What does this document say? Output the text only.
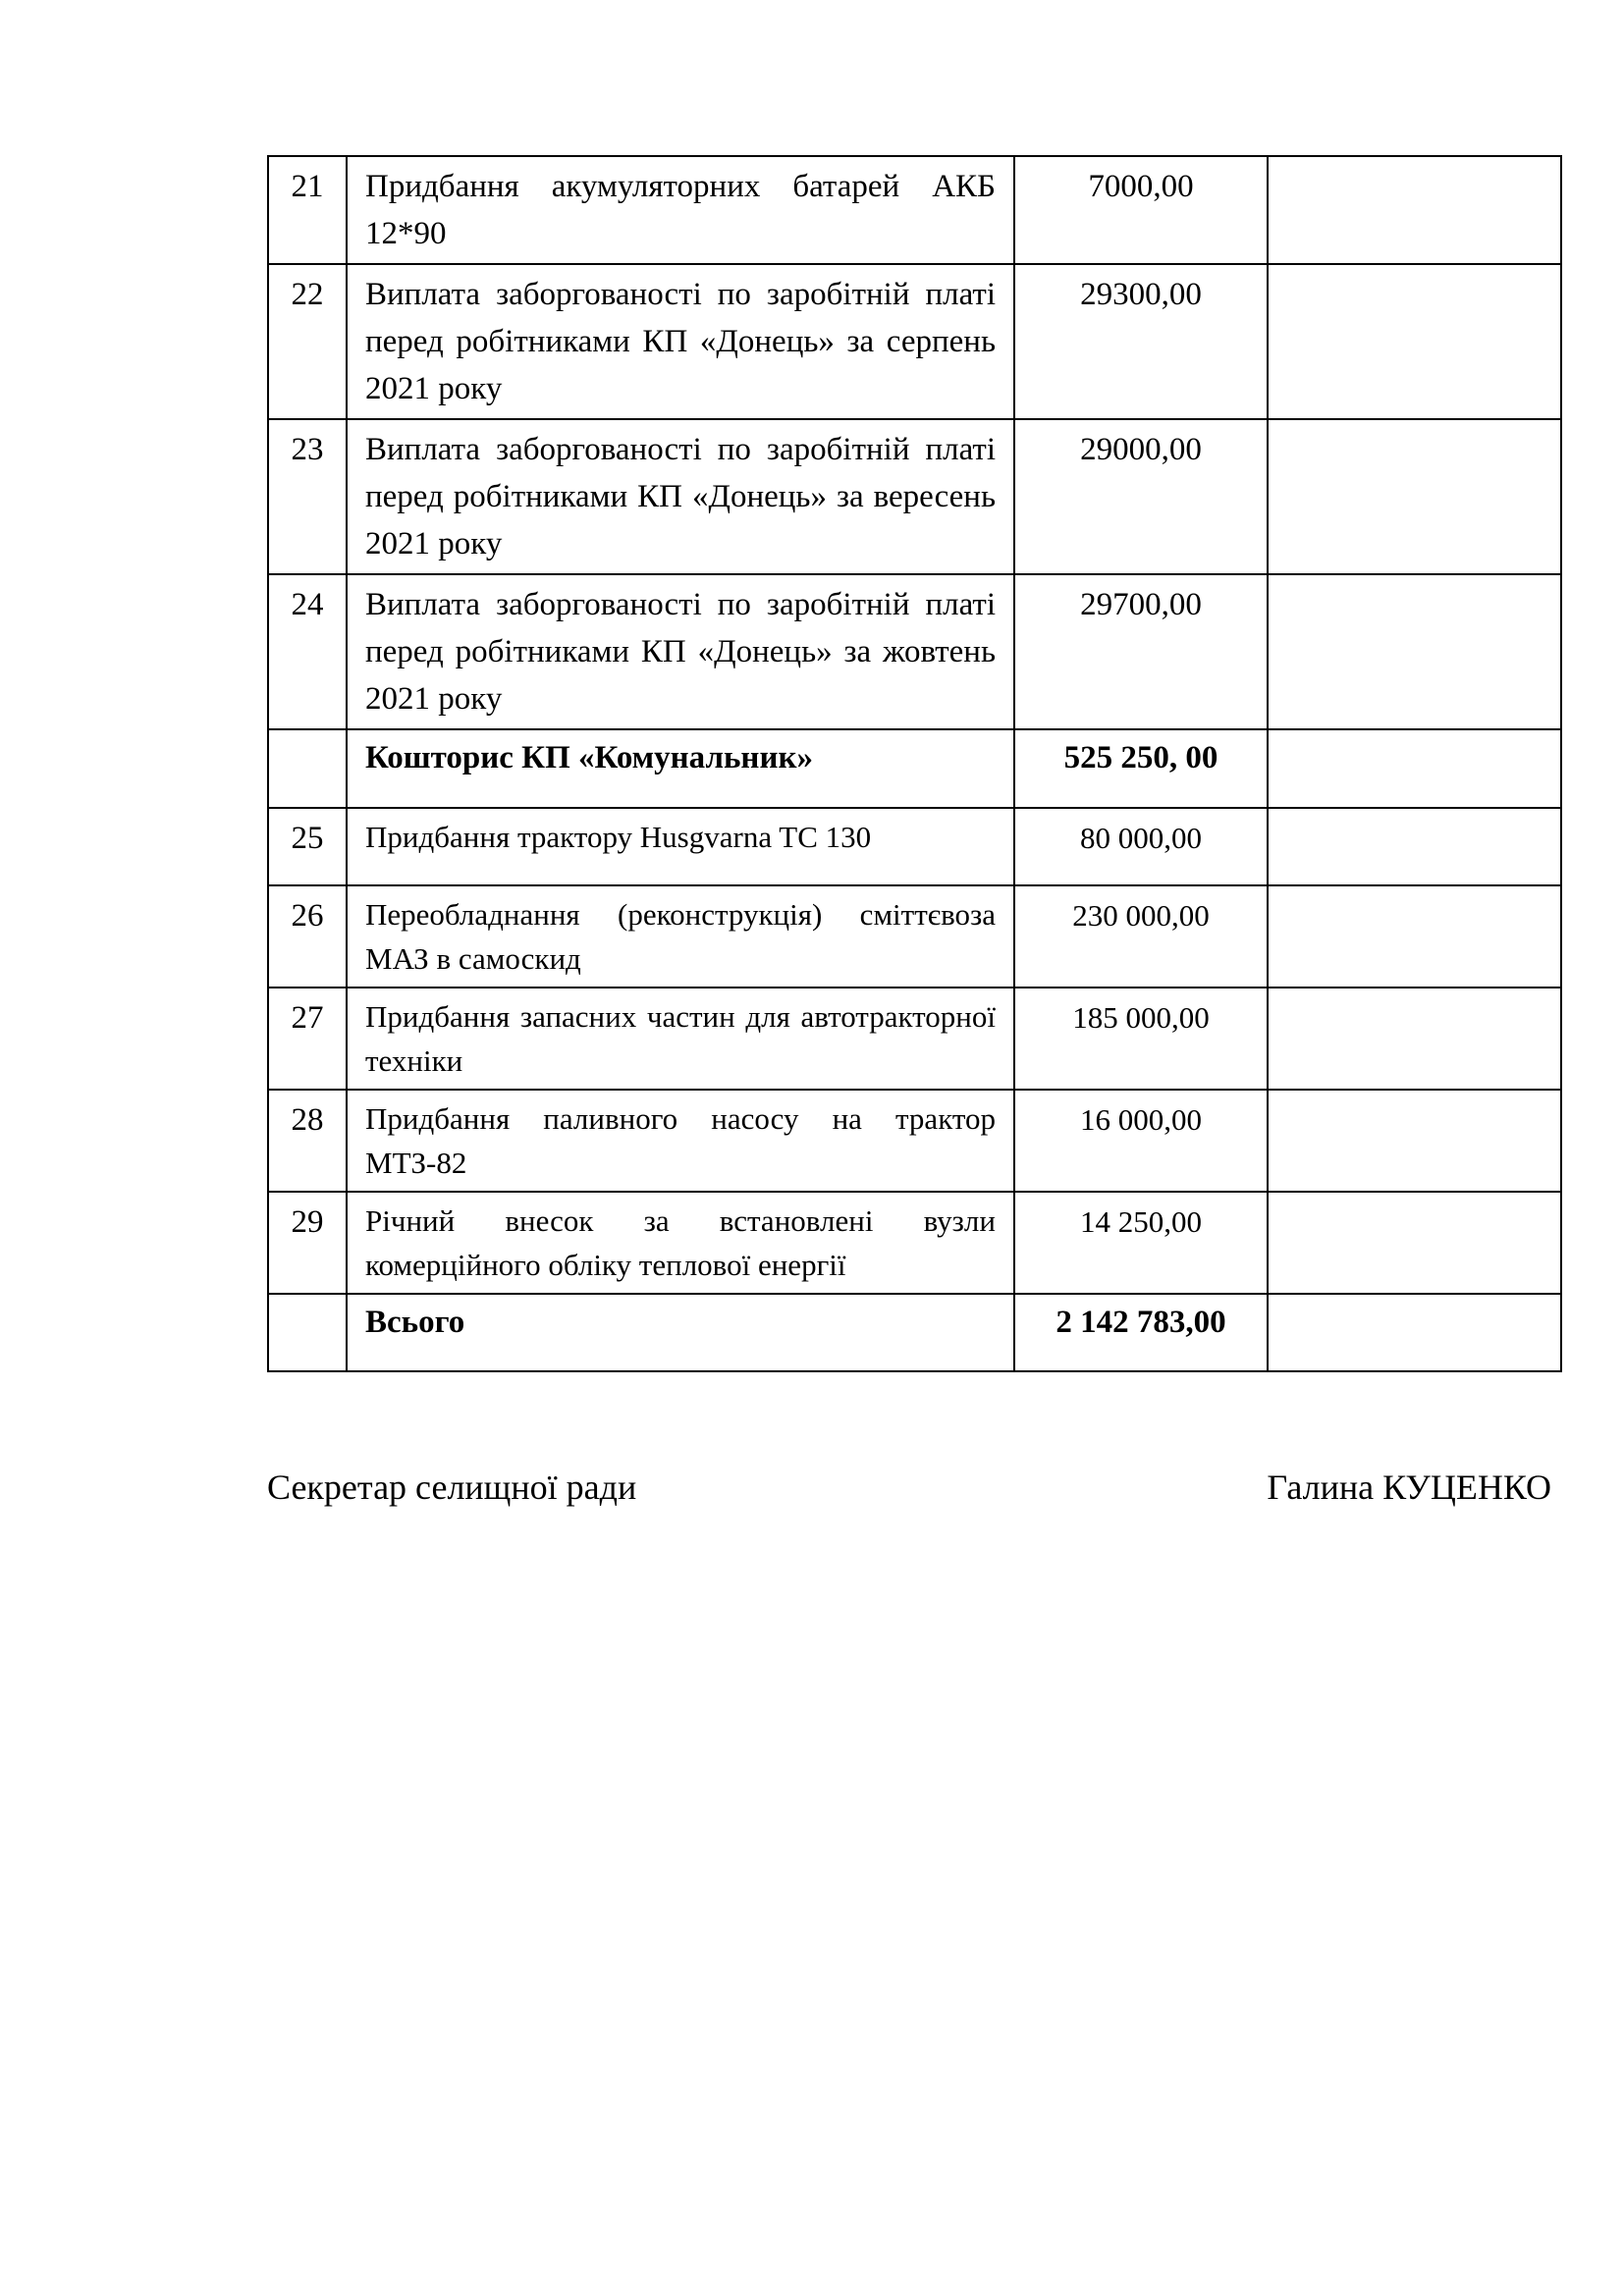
21	Придбання акумуляторних батарей АКБ 12*90	7000,00	
22	Виплата заборгованості по заробітній платі перед робітниками КП «Донець» за серпень 2021 року	29300,00	
23	Виплата заборгованості по заробітній платі перед робітниками КП «Донець» за вересень 2021 року	29000,00	
24	Виплата заборгованості по заробітній платі перед робітниками КП «Донець» за жовтень 2021 року	29700,00	
	Кошторис КП «Комунальник»	525 250, 00	
25	Придбання трактору Husgvarna TC 130	80 000,00	
26	Переобладнання (реконструкція) сміттєвоза МАЗ в самоскид	230 000,00	
27	Придбання запасних частин для автотракторної техніки	185 000,00	
28	Придбання паливного насосу на трактор МТЗ-82	16 000,00	
29	Річний внесок за встановлені вузли комерційного обліку теплової енергії	14 250,00	
	Всього	2 142 783,00	
Секретар селищної ради	Галина КУЦЕНКО
